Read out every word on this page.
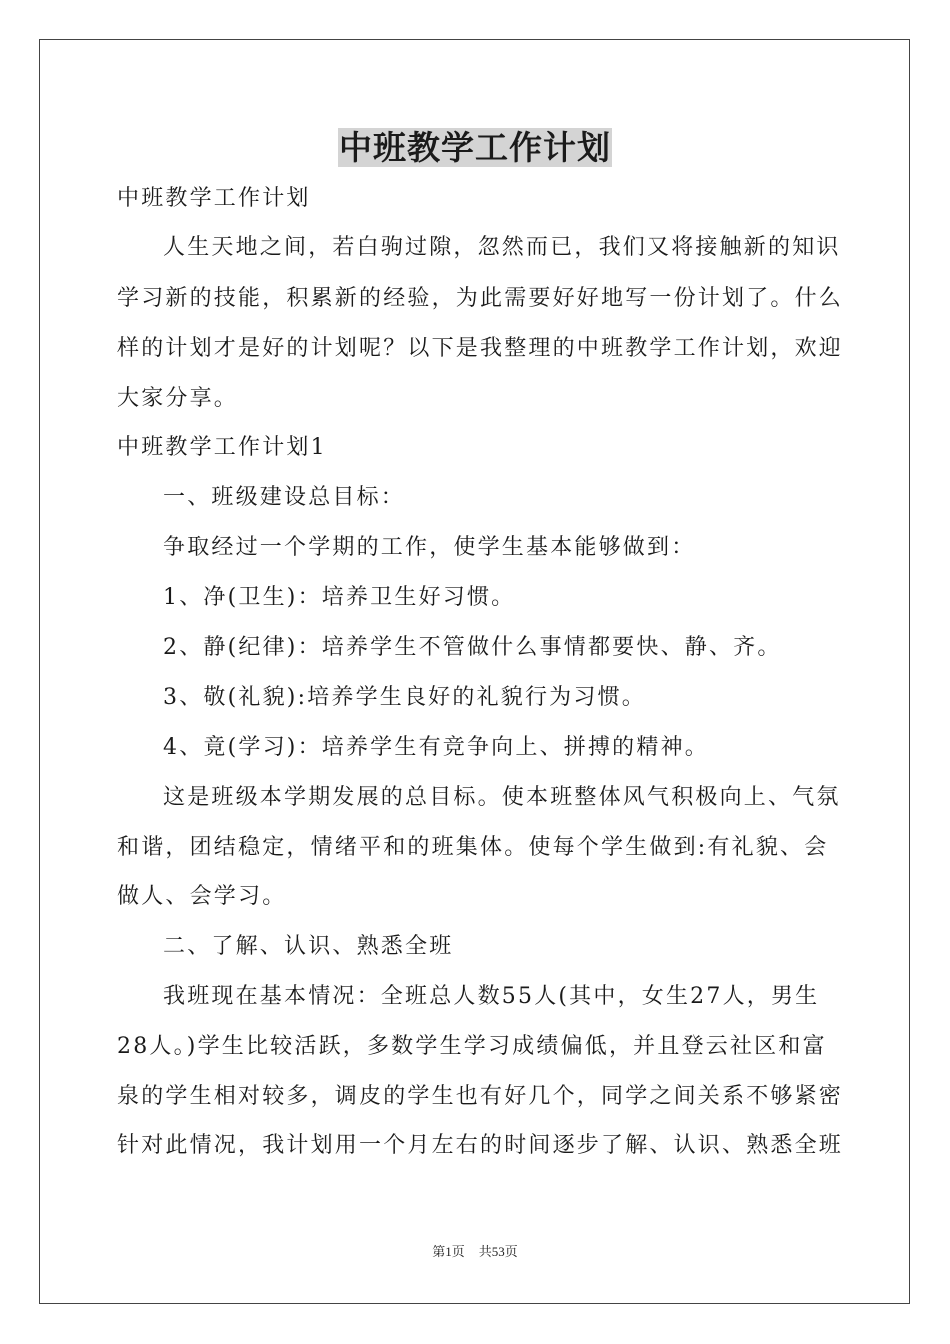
中班教学工作计划
中班教学工作计划
人生天地之间，若白驹过隙，忽然而已，我们又将接触新的知识
学习新的技能，积累新的经验，为此需要好好地写一份计划了。什么
样的计划才是好的计划呢？以下是我整理的中班教学工作计划，欢迎
大家分享。
中班教学工作计划1
一、班级建设总目标：
争取经过一个学期的工作，使学生基本能够做到：
1、净(卫生)：培养卫生好习惯。
2、静(纪律)：培养学生不管做什么事情都要快、静、齐。
3、敬(礼貌):培养学生良好的礼貌行为习惯。
4、竟(学习)：培养学生有竞争向上、拼搏的精神。
这是班级本学期发展的总目标。使本班整体风气积极向上、气氛
和谐，团结稳定，情绪平和的班集体。使每个学生做到:有礼貌、会
做人、会学习。
二、了解、认识、熟悉全班
我班现在基本情况：全班总人数55人(其中，女生27人，男生
28人。)学生比较活跃，多数学生学习成绩偏低，并且登云社区和富
泉的学生相对较多，调皮的学生也有好几个，同学之间关系不够紧密
针对此情况，我计划用一个月左右的时间逐步了解、认识、熟悉全班
第1页 共53页
